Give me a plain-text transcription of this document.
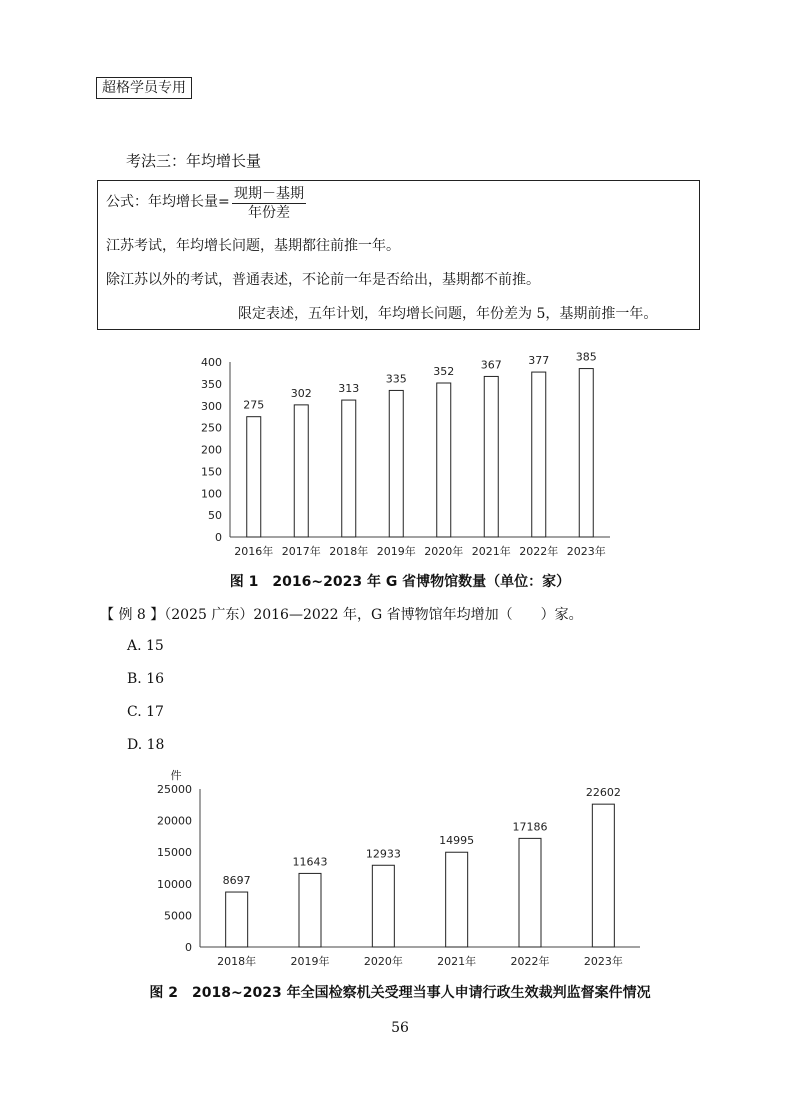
超格学员专用
考法三：年均增长量
公式：年均增长量= 现期－基期
年份差
江苏考试，年均增长问题，基期都往前推一年。
除江苏以外的考试，普通表述，不论前一年是否给出，基期都不前推。
限定表述，五年计划，年均增长问题，年份差为 5，基期前推一年。
0
50
100
150
200
250
300
350
400
275
2016年
302
2017年
313
2018年
335
2019年
352
2020年
367
2021年
377
2022年
385
2023年
图 1　2016~2023 年 G 省博物馆数量（单位：家）
【 例 8 】（2025 广东）2016—2022 年，G 省博物馆年均增加（　　）家。
A. 15
B. 16
C. 17
D. 18
0
5000
10000
15000
20000
25000
件
8697
2018年
11643
2019年
12933
2020年
14995
2021年
17186
2022年
22602
2023年
图 2　2018~2023 年全国检察机关受理当事人申请行政生效裁判监督案件情况
56
